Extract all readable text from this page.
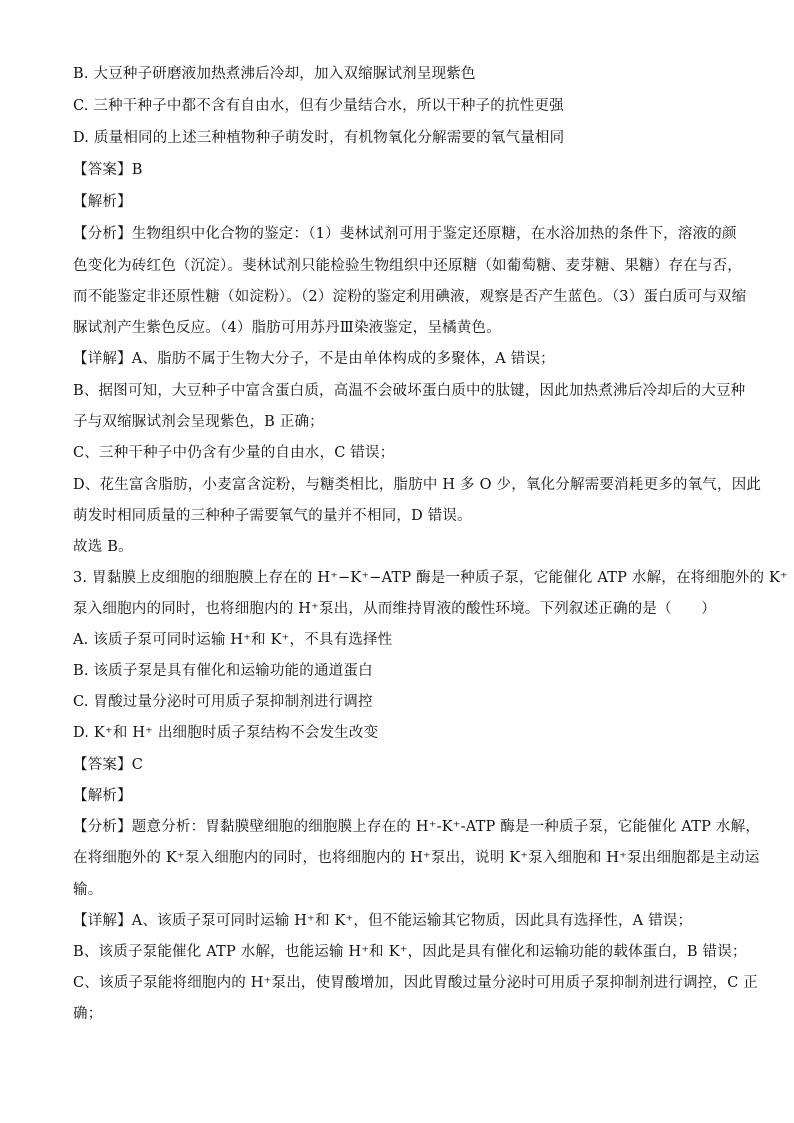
B. 大豆种子研磨液加热煮沸后冷却，加入双缩脲试剂呈现紫色
C. 三种干种子中都不含有自由水，但有少量结合水，所以干种子的抗性更强
D. 质量相同的上述三种植物种子萌发时，有机物氧化分解需要的氧气量相同
【答案】B
【解析】
【分析】生物组织中化合物的鉴定：（1）斐林试剂可用于鉴定还原糖，在水浴加热的条件下，溶液的颜
色变化为砖红色（沉淀）。斐林试剂只能检验生物组织中还原糖（如葡萄糖、麦芽糖、果糖）存在与否，
而不能鉴定非还原性糖（如淀粉）。（2）淀粉的鉴定利用碘液，观察是否产生蓝色。（3）蛋白质可与双缩
脲试剂产生紫色反应。（4）脂肪可用苏丹Ⅲ染液鉴定，呈橘黄色。
【详解】A、脂肪不属于生物大分子，不是由单体构成的多聚体，A 错误；
B、据图可知，大豆种子中富含蛋白质，高温不会破坏蛋白质中的肽键，因此加热煮沸后冷却后的大豆种
子与双缩脲试剂会呈现紫色，B 正确；
C、三种干种子中仍含有少量的自由水，C 错误；
D、花生富含脂肪，小麦富含淀粉，与糖类相比，脂肪中 H 多 O 少，氧化分解需要消耗更多的氧气，因此
萌发时相同质量的三种种子需要氧气的量并不相同，D 错误。
故选 B。
3. 胃黏膜上皮细胞的细胞膜上存在的 H⁺−K⁺−ATP 酶是一种质子泵，它能催化 ATP 水解，在将细胞外的 K⁺
泵入细胞内的同时，也将细胞内的 H⁺泵出，从而维持胃液的酸性环境。下列叙述正确的是（　　）
A. 该质子泵可同时运输 H⁺和 K⁺，不具有选择性
B. 该质子泵是具有催化和运输功能的通道蛋白
C. 胃酸过量分泌时可用质子泵抑制剂进行调控
D. K⁺和 H⁺ 出细胞时质子泵结构不会发生改变
【答案】C
【解析】
【分析】题意分析：胃黏膜壁细胞的细胞膜上存在的 H⁺-K⁺-ATP 酶是一种质子泵，它能催化 ATP 水解，
在将细胞外的 K⁺泵入细胞内的同时，也将细胞内的 H⁺泵出，说明 K⁺泵入细胞和 H⁺泵出细胞都是主动运
输。
【详解】A、该质子泵可同时运输 H⁺和 K⁺，但不能运输其它物质，因此具有选择性，A 错误；
B、该质子泵能催化 ATP 水解，也能运输 H⁺和 K⁺，因此是具有催化和运输功能的载体蛋白，B 错误；
C、该质子泵能将细胞内的 H⁺泵出，使胃酸增加，因此胃酸过量分泌时可用质子泵抑制剂进行调控，C 正
确；
